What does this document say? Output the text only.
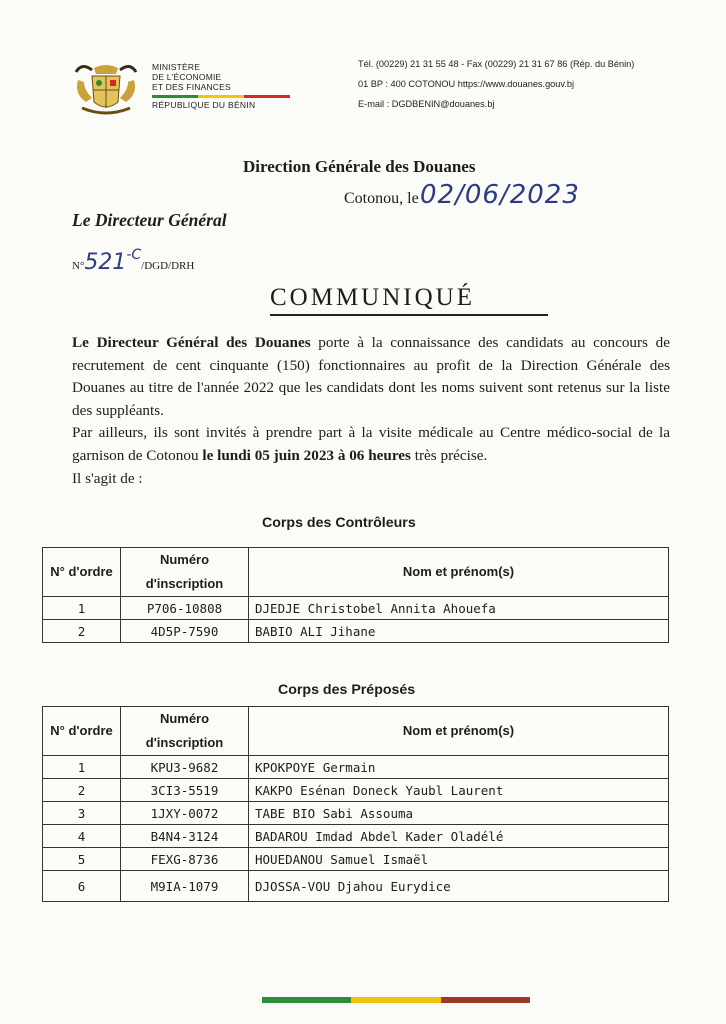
MINISTÈRE
DE L'ÉCONOMIE
ET DES FINANCES
RÉPUBLIQUE DU BÉNIN
Tél. (00229) 21 31 55 48 - Fax (00229) 21 31 67 86 (Rép. du Bénin)
01 BP : 400 COTONOU https://www.douanes.gouv.bj
E-mail : DGDBENIN@douanes.bj
Direction Générale des Douanes
Cotonou, le 02/06/2023
Le Directeur Général
N°521-C/DGD/DRH
COMMUNIQUÉ

Le Directeur Général des Douanes porte à la connaissance des candidats au concours de recrutement de cent cinquante (150) fonctionnaires au profit de la Direction Générale des Douanes au titre de l'année 2022 que les candidats dont les noms suivent sont retenus sur la liste des suppléants.

Par ailleurs, ils sont invités à prendre part à la visite médicale au Centre médico-social de la garnison de Cotonou le lundi 05 juin 2023 à 06 heures très précise.

Il s'agit de :

Corps des Contrôleurs
N° d'ordre	Numéro d'inscription	Nom et prénom(s)
1	P706-10808	DJEDJE Christobel Annita Ahouefa
2	4D5P-7590	BABIO ALI Jihane
Corps des Préposés
N° d'ordre	Numéro d'inscription	Nom et prénom(s)
1	KPU3-9682	KPOKPOYE Germain
2	3CI3-5519	KAKPO Esénan Doneck Yaubl Laurent
3	1JXY-0072	TABE BIO Sabi Assouma
4	B4N4-3124	BADAROU Imdad Abdel Kader Oladélé
5	FEXG-8736	HOUEDANOU Samuel Ismaël
6	M9IA-1079	DJOSSA-VOU Djahou Eurydice
